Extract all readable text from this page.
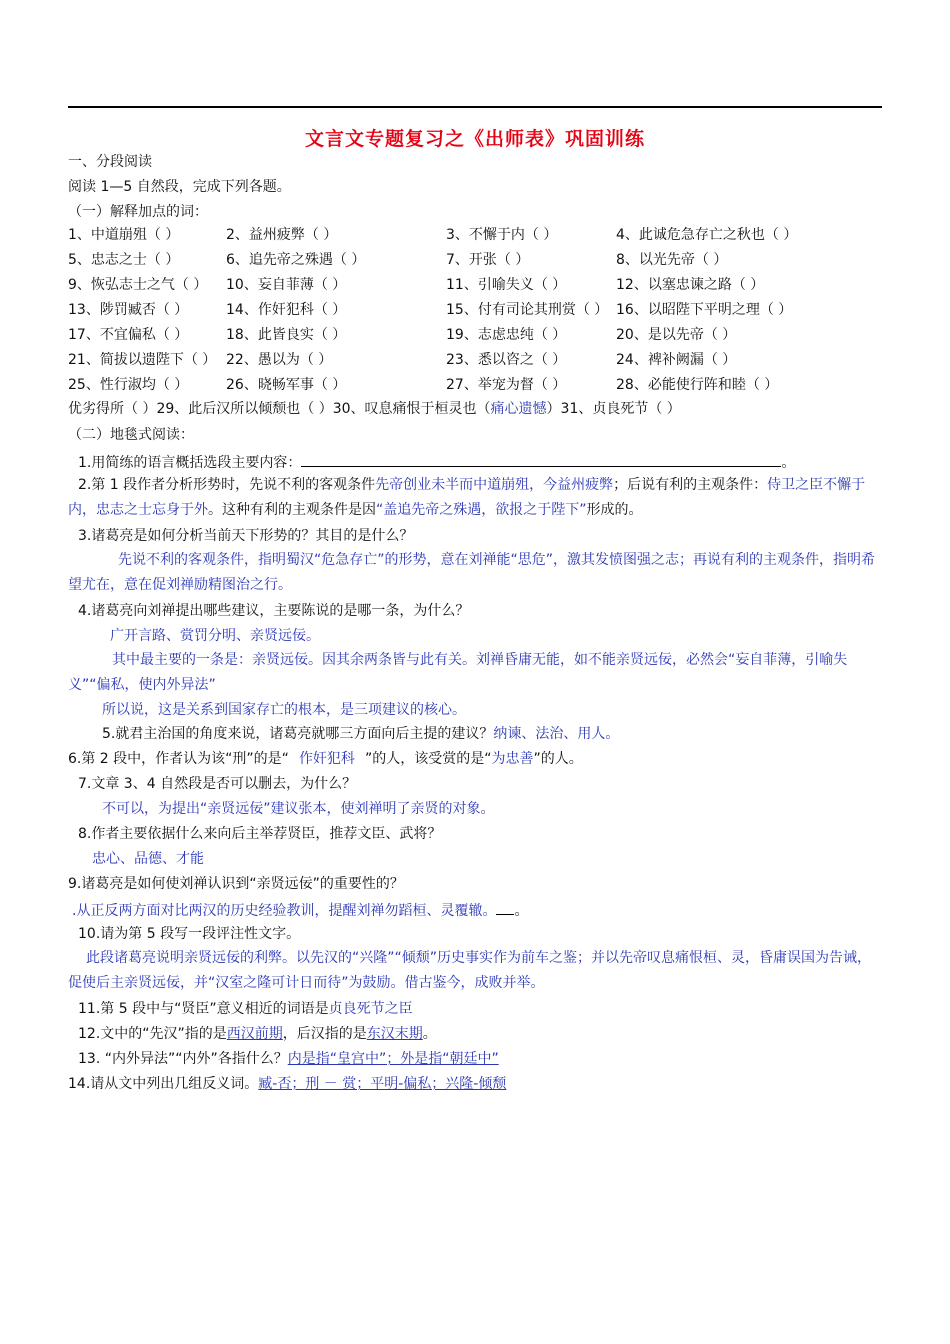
文言文专题复习之《出师表》巩固训练
一、分段阅读
阅读 1—5 自然段，完成下列各题。
（一）解释加点的词：
1、中道崩殂（ ）	2、益州疲弊（ ）	3、不懈于内（ ）	4、此诚危急存亡之秋也（ ）
5、忠志之士（ ）	6、追先帝之殊遇（ ）	7、开张（ ）	8、以光先帝（ ）
9、恢弘志士之气（ ） 10、妄自菲薄（ ）	11、引喻失义（ ）	12、以塞忠谏之路（ ）
13、陟罚臧否（ ）	14、作奸犯科（ ）	15、付有司论其刑赏（ ） 16、以昭陛下平明之理（ ）
17、不宜偏私（ ）	18、此皆良实（ ）	19、志虑忠纯（ ）	20、是以先帝（ ）
21、简拔以遗陛下（ ） 22、愚以为（ ）	23、悉以咨之（ ）	24、裨补阙漏（ ）
25、性行淑均（ ）	26、晓畅军事（ ）	27、举宠为督（ ）	28、必能使行阵和睦（ ）
优劣得所（ ）29、此后汉所以倾颓也（ ）30、叹息痛恨于桓灵也（痛心遗憾）31、贞良死节（ ）
（二）地毯式阅读：
1.用简练的语言概括选段主要内容：	。
2.第 1 段作者分析形势时，先说不利的客观条件先帝创业未半而中道崩殂，今益州疲弊；后说有利的主观条件：侍卫之臣不懈于内，忠志之士忘身于外。这种有利的主观条件是因“盖追先帝之殊遇，欲报之于陛下”形成的。
3.诸葛亮是如何分析当前天下形势的？其目的是什么？
先说不利的客观条件，指明蜀汉“危急存亡”的形势，意在刘禅能“思危”，激其发愤图强之志；再说有利的主观条件，指明希望尤在，意在促刘禅励精图治之行。
4.诸葛亮向刘禅提出哪些建议，主要陈说的是哪一条，为什么？
广开言路、赏罚分明、亲贤远佞。
其中最主要的一条是：亲贤远佞。因其余两条皆与此有关。刘禅昏庸无能，如不能亲贤远佞，必然会“妄自菲薄，引喻失义”“偏私，使内外异法”
所以说，这是关系到国家存亡的根本，是三项建议的核心。
5.就君主治国的角度来说，诸葛亮就哪三方面向后主提的建议？纳谏、法治、用人。
6.第 2 段中，作者认为该“刑”的是“ 作奸犯科 ”的人，该受赏的是“为忠善”的人。
7.文章 3、4 自然段是否可以删去，为什么？
不可以，为提出“亲贤远佞”建议张本，使刘禅明了亲贤的对象。
8.作者主要依据什么来向后主举荐贤臣，推荐文臣、武将？
忠心、品德、才能
9.诸葛亮是如何使刘禅认识到“亲贤远佞”的重要性的？
.从正反两方面对比两汉的历史经验教训，提醒刘禅勿蹈桓、灵覆辙。 。
10.请为第 5 段写一段评注性文字。
此段诸葛亮说明亲贤远佞的利弊。以先汉的“兴隆”“倾颓”历史事实作为前车之鉴；并以先帝叹息痛恨桓、灵，昏庸误国为告诫，促使后主亲贤远佞，并“汉室之隆可计日而待”为鼓励。借古鉴今，成败并举。
11.第 5 段中与“贤臣”意义相近的词语是贞良死节之臣
12.文中的“先汉”指的是西汉前期，后汉指的是东汉末期。
13. “内外异法”“内外”各指什么？内是指“皇宫中”；外是指“朝廷中”
14.请从文中列出几组反义词。臧-否；刑 － 赏；平明-偏私；兴隆-倾颓
